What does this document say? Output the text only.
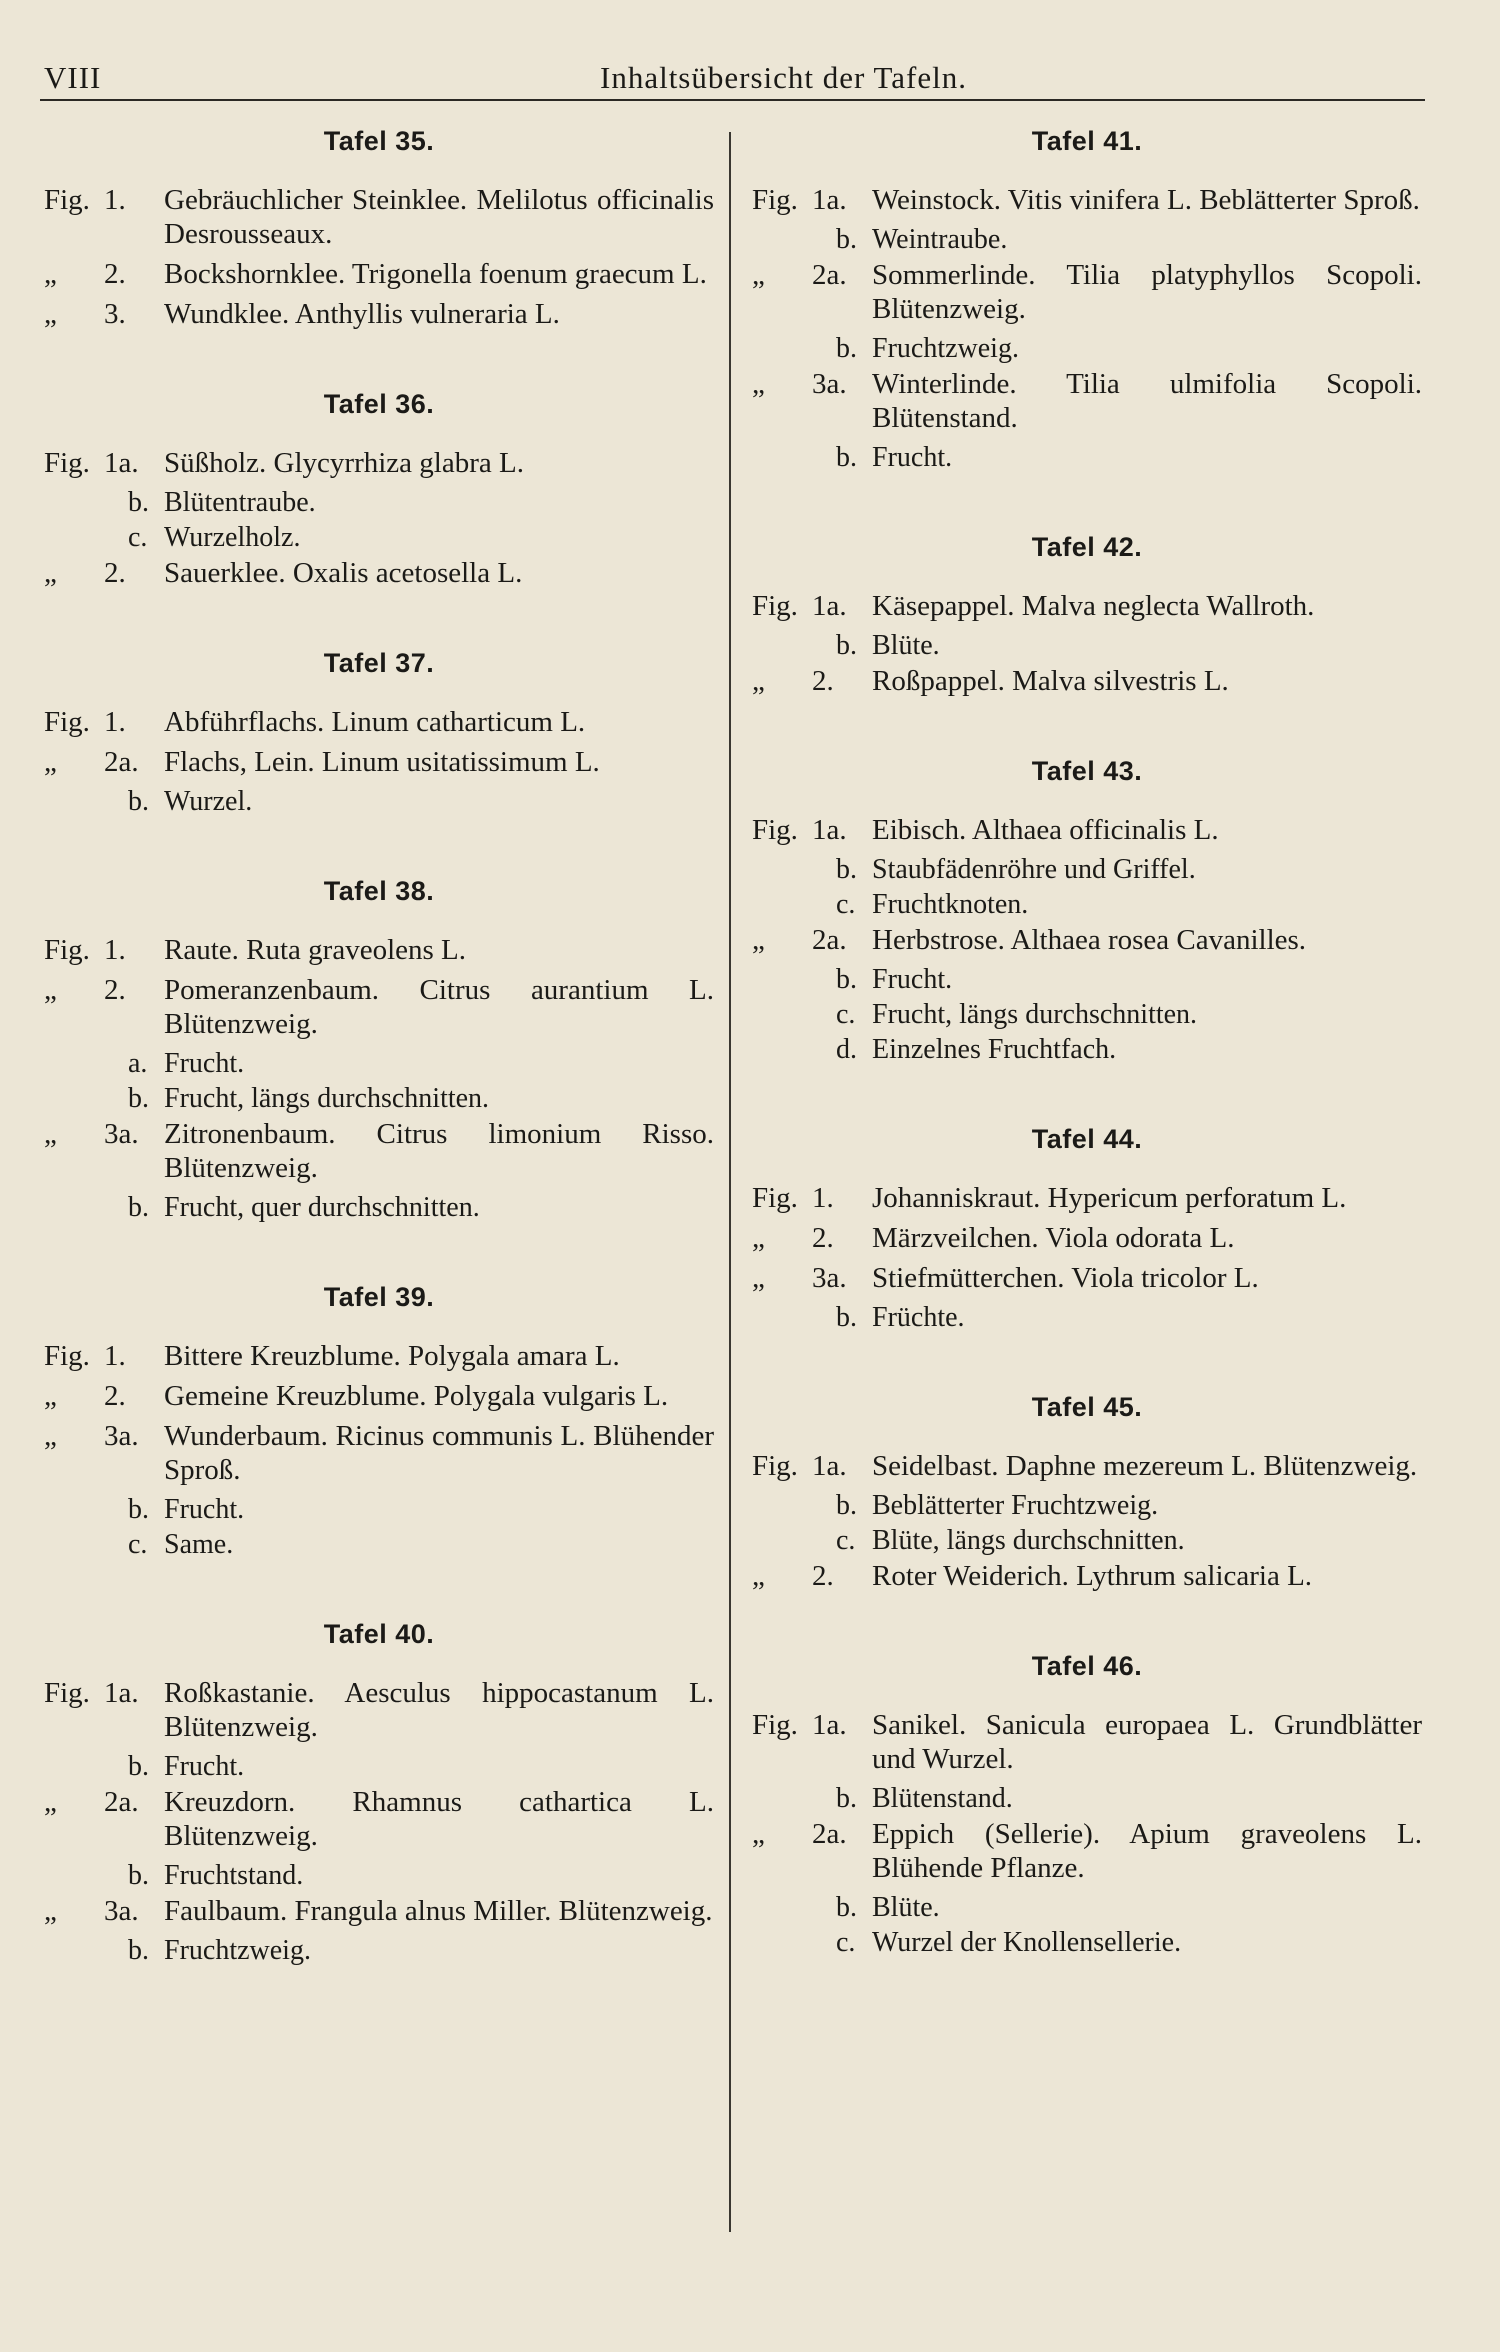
VIII	Inhaltsübersicht der Tafeln.
Tafel 35.
Fig. 1. Gebräuchlicher Steinklee. Melilotus officinalis Desrousseaux.
„ 2. Bockshornklee. Trigonella foenum graecum L.
„ 3. Wundklee. Anthyllis vulneraria L.
Tafel 36.
Fig. 1a. Süßholz. Glycyrrhiza glabra L.
b. Blütentraube.
c. Wurzelholz.
„ 2. Sauerklee. Oxalis acetosella L.
Tafel 37.
Fig. 1. Abführflachs. Linum catharticum L.
„ 2a. Flachs, Lein. Linum usitatissimum L.
b. Wurzel.
Tafel 38.
Fig. 1. Raute. Ruta graveolens L.
„ 2. Pomeranzenbaum. Citrus aurantium L. Blütenzweig.
a. Frucht.
b. Frucht, längs durchschnitten.
„ 3a. Zitronenbaum. Citrus limonium Risso. Blütenzweig.
b. Frucht, quer durchschnitten.
Tafel 39.
Fig. 1. Bittere Kreuzblume. Polygala amara L.
„ 2. Gemeine Kreuzblume. Polygala vulgaris L.
„ 3a. Wunderbaum. Ricinus communis L. Blühender Sproß.
b. Frucht.
c. Same.
Tafel 40.
Fig. 1a. Roßkastanie. Aesculus hippocastanum L. Blütenzweig.
b. Frucht.
„ 2a. Kreuzdorn. Rhamnus cathartica L. Blütenzweig.
b. Fruchtstand.
„ 3a. Faulbaum. Frangula alnus Miller. Blütenzweig.
b. Fruchtzweig.
Tafel 41.
Fig. 1a. Weinstock. Vitis vinifera L. Beblätterter Sproß.
b. Weintraube.
„ 2a. Sommerlinde. Tilia platyphyllos Scopoli. Blütenzweig.
b. Fruchtzweig.
„ 3a. Winterlinde. Tilia ulmifolia Scopoli. Blütenstand.
b. Frucht.
Tafel 42.
Fig. 1a. Käsepappel. Malva neglecta Wallroth.
b. Blüte.
„ 2. Roßpappel. Malva silvestris L.
Tafel 43.
Fig. 1a. Eibisch. Althaea officinalis L.
b. Staubfädenröhre und Griffel.
c. Fruchtknoten.
„ 2a. Herbstrose. Althaea rosea Cavanilles.
b. Frucht.
c. Frucht, längs durchschnitten.
d. Einzelnes Fruchtfach.
Tafel 44.
Fig. 1. Johanniskraut. Hypericum perforatum L.
„ 2. Märzveilchen. Viola odorata L.
„ 3a. Stiefmütterchen. Viola tricolor L.
b. Früchte.
Tafel 45.
Fig. 1a. Seidelbast. Daphne mezereum L. Blütenzweig.
b. Beblätterter Fruchtzweig.
c. Blüte, längs durchschnitten.
„ 2. Roter Weiderich. Lythrum salicaria L.
Tafel 46.
Fig. 1a. Sanikel. Sanicula europaea L. Grundblätter und Wurzel.
b. Blütenstand.
„ 2a. Eppich (Sellerie). Apium graveolens L. Blühende Pflanze.
b. Blüte.
c. Wurzel der Knollensellerie.
